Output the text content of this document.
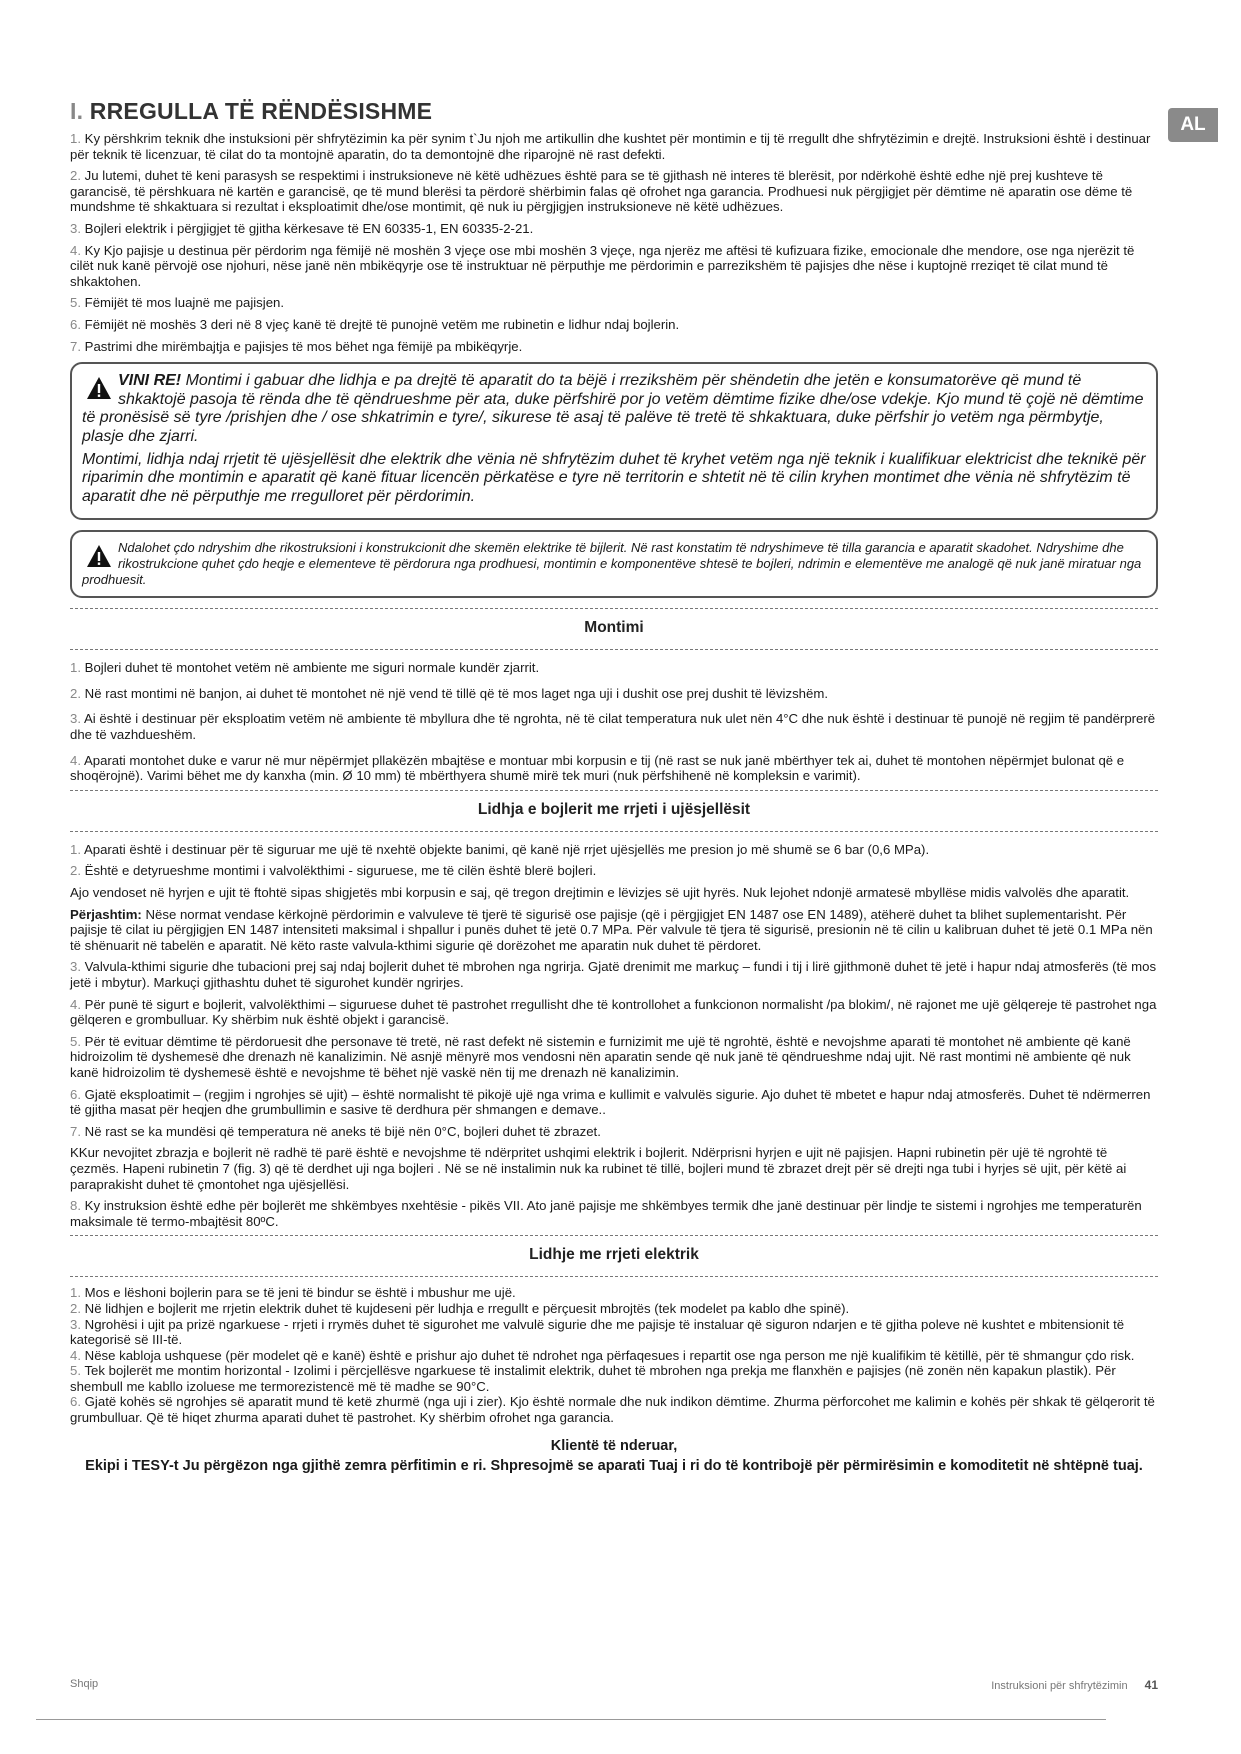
AL
I. RREGULLA TË RËNDËSISHME

1. Ky përshkrim teknik dhe instuksioni për shfrytëzimin ka për synim t`Ju njoh me artikullin dhe kushtet për montimin e tij të rregullt dhe shfrytëzimin e drejtë. Instruksioni është i destinuar për teknik të licenzuar, të cilat do ta montojnë aparatin, do ta demontojnë dhe riparojnë në rast defekti.

2. Ju lutemi, duhet të keni parasysh se respektimi i instruksioneve në këtë udhëzues është para se të gjithash në interes të blerësit, por ndërkohë është edhe një prej kushteve të garancisë, të përshkuara në kartën e garancisë, qe të mund blerësi ta përdorë shërbimin falas që ofrohet nga garancia. Prodhuesi nuk përgjigjet për dëmtime në aparatin ose dëme të mundshme të shkaktuara si rezultat i eksploatimit dhe/ose montimit, që nuk iu përgjigjen instruksioneve në këtë udhëzues.

3. Bojleri elektrik i përgjigjet të gjitha kërkesave të EN 60335-1, EN 60335-2-21.

4. Ky Kjo pajisje u destinua për përdorim nga fëmijë në moshën 3 vjeçe ose mbi moshën 3 vjeçe, nga njerëz me aftësi të kufizuara fizike, emocionale dhe mendore, ose nga njerëzit të cilët nuk kanë përvojë ose njohuri, nëse janë nën mbikëqyrje ose të instruktuar në përputhje me përdorimin e parrezikshëm të pajisjes dhe nëse i kuptojnë rreziqet të cilat mund të shkaktohen.

5. Fëmijët të mos luajnë me pajisjen.

6. Fëmijët në moshës 3 deri në 8 vjeç kanë të drejtë të punojnë vetëm me rubinetin e lidhur ndaj bojlerin.

7. Pastrimi dhe mirëmbajtja e pajisjes të mos bëhet nga fëmijë pa mbikëqyrje.

VINI RE! Montimi i gabuar dhe lidhja e pa drejtë të aparatit do ta bëjë i rrezikshëm për shëndetin dhe jetën e konsumatorëve që mund të shkaktojë pasoja të rënda dhe të qëndrueshme për ata, duke përfshirë por jo vetëm dëmtime fizike dhe/ose vdekje. Kjo mund të çojë në dëmtime të pronësisë së tyre /prishjen dhe / ose shkatrimin e tyre/, sikurese të asaj të palëve të tretë të shkaktuara, duke përfshir jo vetëm nga përmbytje, plasje dhe zjarri.

Montimi, lidhja ndaj rrjetit të ujësjellësit dhe elektrik dhe vënia në shfrytëzim duhet të kryhet vetëm nga një teknik i kualifikuar elektricist dhe teknikë për riparimin dhe montimin e aparatit që kanë fituar licencën përkatëse e tyre në territorin e shtetit në të cilin kryhen montimet dhe vënia në shfrytëzim të aparatit dhe në përputhje me rregulloret për përdorimin.

Ndalohet çdo ndryshim dhe rikostruksioni i konstrukcionit dhe skemën elektrike të bijlerit. Në rast konstatim të ndryshimeve të tilla garancia e aparatit skadohet. Ndryshime dhe rikostrukcione quhet çdo heqje e elementeve të përdorura nga prodhuesi, montimin e komponentëve shtesë te bojleri, ndrimin e elementëve me analogë që nuk janë miratuar nga prodhuesit.

Montimi

1. Bojleri duhet të montohet vetëm në ambiente me siguri normale kundër zjarrit.

2. Në rast montimi në banjon, ai duhet të montohet në një vend të tillë që të mos laget nga uji i dushit ose prej dushit të lëvizshëm.

3. Ai është i destinuar për eksploatim vetëm në ambiente të mbyllura dhe të ngrohta, në të cilat temperatura nuk ulet nën 4°C dhe nuk është i destinuar të punojë në regjim të pandërprerë dhe të vazhdueshëm.

4. Aparati montohet duke e varur në mur nëpërmjet pllakëzën mbajtëse e montuar mbi korpusin e tij (në rast se nuk janë mbërthyer tek ai, duhet të montohen nëpërmjet bulonat që e shoqërojnë). Varimi bëhet me dy kanxha (min. Ø 10 mm) të mbërthyera shumë mirë tek muri (nuk përfshihenë në kompleksin e varimit).

Lidhja e bojlerit me rrjeti i ujësjellësit

1. Aparati është i destinuar për të siguruar me ujë të nxehtë objekte banimi, që kanë një rrjet ujësjellës me presion jo më shumë se 6 bar (0,6 MPa).

2. Është e detyrueshme montimi i valvolëkthimi - siguruese, me të cilën është blerë bojleri.

Ajo vendoset në hyrjen e ujit të ftohtë sipas shigjetës mbi korpusin e saj, që tregon drejtimin e lëvizjes së ujit hyrës. Nuk lejohet ndonjë armatesë mbyllëse midis valvolës dhe aparatit.

Përjashtim: Nëse normat vendase kërkojnë përdorimin e valvuleve të tjerë të sigurisë ose pajisje (që i përgjigjet EN 1487 ose EN 1489), atëherë duhet ta blihet suplementarisht. Për pajisje të cilat iu përgjigjen EN 1487 intensiteti maksimal i shpallur i punës duhet të jetë 0.7 MPa. Për valvule të tjera të sigurisë, presionin në të cilin u kalibruan duhet të jetë 0.1 MPa nën të shënuarit në tabelën e aparatit. Në këto raste valvula-kthimi sigurie që dorëzohet me aparatin nuk duhet të përdoret.

3. Valvula-kthimi sigurie dhe tubacioni prej saj ndaj bojlerit duhet të mbrohen nga ngrirja. Gjatë drenimit me markuç – fundi i tij i lirë gjithmonë duhet të jetë i hapur ndaj atmosferës (të mos jetë i mbytur). Markuçi gjithashtu duhet të sigurohet kundër ngrirjes.

4. Për punë të sigurt e bojlerit, valvolëkthimi – siguruese duhet të pastrohet rregullisht dhe të kontrollohet a funkcionon normalisht /pa blokim/, në rajonet me ujë gëlqereje të pastrohet nga gëlqeren e grombulluar. Ky shërbim nuk është objekt i garancisë.

5. Për të evituar dëmtime të përdoruesit dhe personave të tretë, në rast defekt në sistemin e furnizimit me ujë të ngrohtë, është e nevojshme aparati të montohet në ambiente që kanë hidroizolim të dyshemesë dhe drenazh në kanalizimin. Në asnjë mënyrë mos vendosni nën aparatin sende që nuk janë të qëndrueshme ndaj ujit. Në rast montimi në ambiente që nuk kanë hidroizolim të dyshemesë është e nevojshme të bëhet një vaskë nën tij me drenazh në kanalizimin.

6. Gjatë eksploatimit – (regjim i ngrohjes së ujit) – është normalisht të pikojë ujë nga vrima e kullimit e valvulës sigurie. Ajo duhet të mbetet e hapur ndaj atmosferës. Duhet të ndërmerren të gjitha masat për heqjen dhe grumbullimin e sasive të derdhura për shmangen e demave..

7. Në rast se ka mundësi që temperatura në aneks të bijë nën 0°C, bojleri duhet të zbrazet.

KKur nevojitet zbrazja e bojlerit në radhë të parë është e nevojshme të ndërpritet ushqimi elektrik i bojlerit. Ndërprisni hyrjen e ujit në pajisjen. Hapni rubinetin për ujë të ngrohtë të çezmës. Hapeni rubinetin 7 (fig. 3) që të derdhet uji nga bojleri . Në se në instalimin nuk ka rubinet të tillë, bojleri mund të zbrazet drejt për së drejti nga tubi i hyrjes së ujit, për këtë ai paraprakisht duhet të çmontohet nga ujësjellësi.

8. Ky instruksion është edhe për bojlerët me shkëmbyes nxehtësie - pikës VII. Ato janë pajisje me shkëmbyes termik dhe janë destinuar për lindje te sistemi i ngrohjes me temperaturën maksimale të termo-mbajtësit 80ºC.

Lidhje me rrjeti elektrik

1. Mos e lëshoni bojlerin para se të jeni të bindur se është i mbushur me ujë.

2. Në lidhjen e bojlerit me rrjetin elektrik duhet të kujdeseni për ludhja e rregullt e përçuesit mbrojtës (tek modelet pa kablo dhe spinë).

3. Ngrohësi i ujit pa prizë ngarkuese - rrjeti i rrymës duhet të sigurohet me valvulë sigurie dhe me pajisje të instaluar që siguron ndarjen e të gjitha poleve në kushtet e mbitensionit të kategorisë së III-të.

4. Nëse kabloja ushquese (për modelet që e kanë) është e prishur ajo duhet të ndrohet nga përfaqesues i repartit ose nga person me një kualifikim të këtillë, për të shmangur çdo risk.

5. Tek bojlerët me montim horizontal - Izolimi i përcjellësve ngarkuese të instalimit elektrik, duhet të mbrohen nga prekja me flanxhën e pajisjes (në zonën nën kapakun plastik). Për shembull me kabllo izoluese me termorezistencë më të madhe se 90°C.

6. Gjatë kohës së ngrohjes së aparatit mund të ketë zhurmë (nga uji i zier). Kjo është normale dhe nuk indikon dëmtime. Zhurma përforcohet me kalimin e kohës për shkak të gëlqerorit të grumbulluar. Që të hiqet zhurma aparati duhet të pastrohet. Ky shërbim ofrohet nga garancia.

Klientë të nderuar,
Ekipi i TESY-t Ju përgëzon nga gjithë zemra përfitimin e ri. Shpresojmë se aparati Tuaj i ri do të kontribojë për përmirësimin e komoditetit në shtëpnë tuaj.
Shqip	Instruksioni për shfrytëzimin 41
